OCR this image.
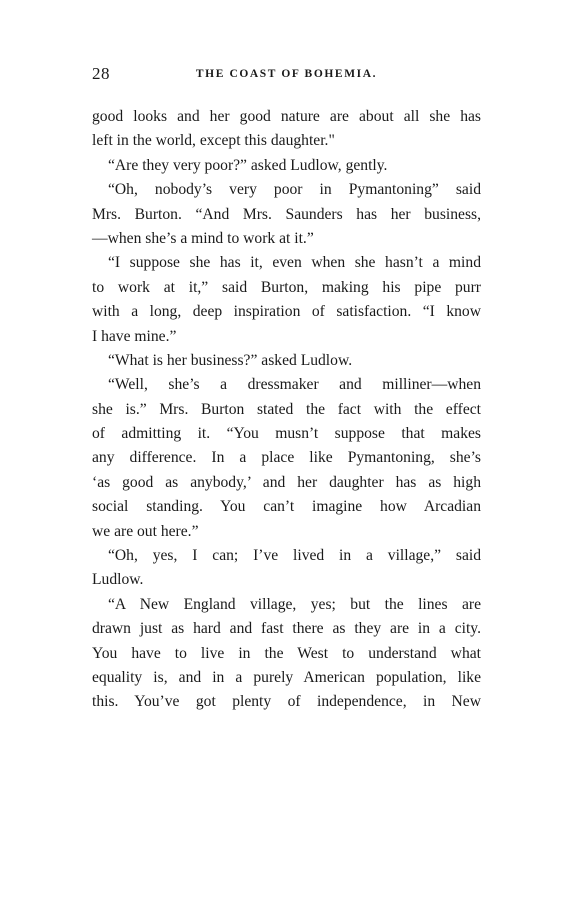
28	THE COAST OF BOHEMIA.
good looks and her good nature are about all she has
left in the world, except this daughter."
“Are they very poor?” asked Ludlow, gently.
“Oh, nobody’s very poor in Pymantoning” said
Mrs. Burton. “And Mrs. Saunders has her business,
—when she’s a mind to work at it.”
“I suppose she has it, even when she hasn’t a mind
to work at it,” said Burton, making his pipe purr
with a long, deep inspiration of satisfaction. “I know
I have mine.”
“What is her business?” asked Ludlow.
“Well, she’s a dressmaker and milliner—when
she is.” Mrs. Burton stated the fact with the effect
of admitting it. “You musn’t suppose that makes
any difference. In a place like Pymantoning, she’s
‘as good as anybody,’ and her daughter has as high
social standing. You can’t imagine how Arcadian
we are out here.”
“Oh, yes, I can; I’ve lived in a village,” said
Ludlow.
“A New England village, yes; but the lines are
drawn just as hard and fast there as they are in a city.
You have to live in the West to understand what
equality is, and in a purely American population, like
this. You’ve got plenty of independence, in New
